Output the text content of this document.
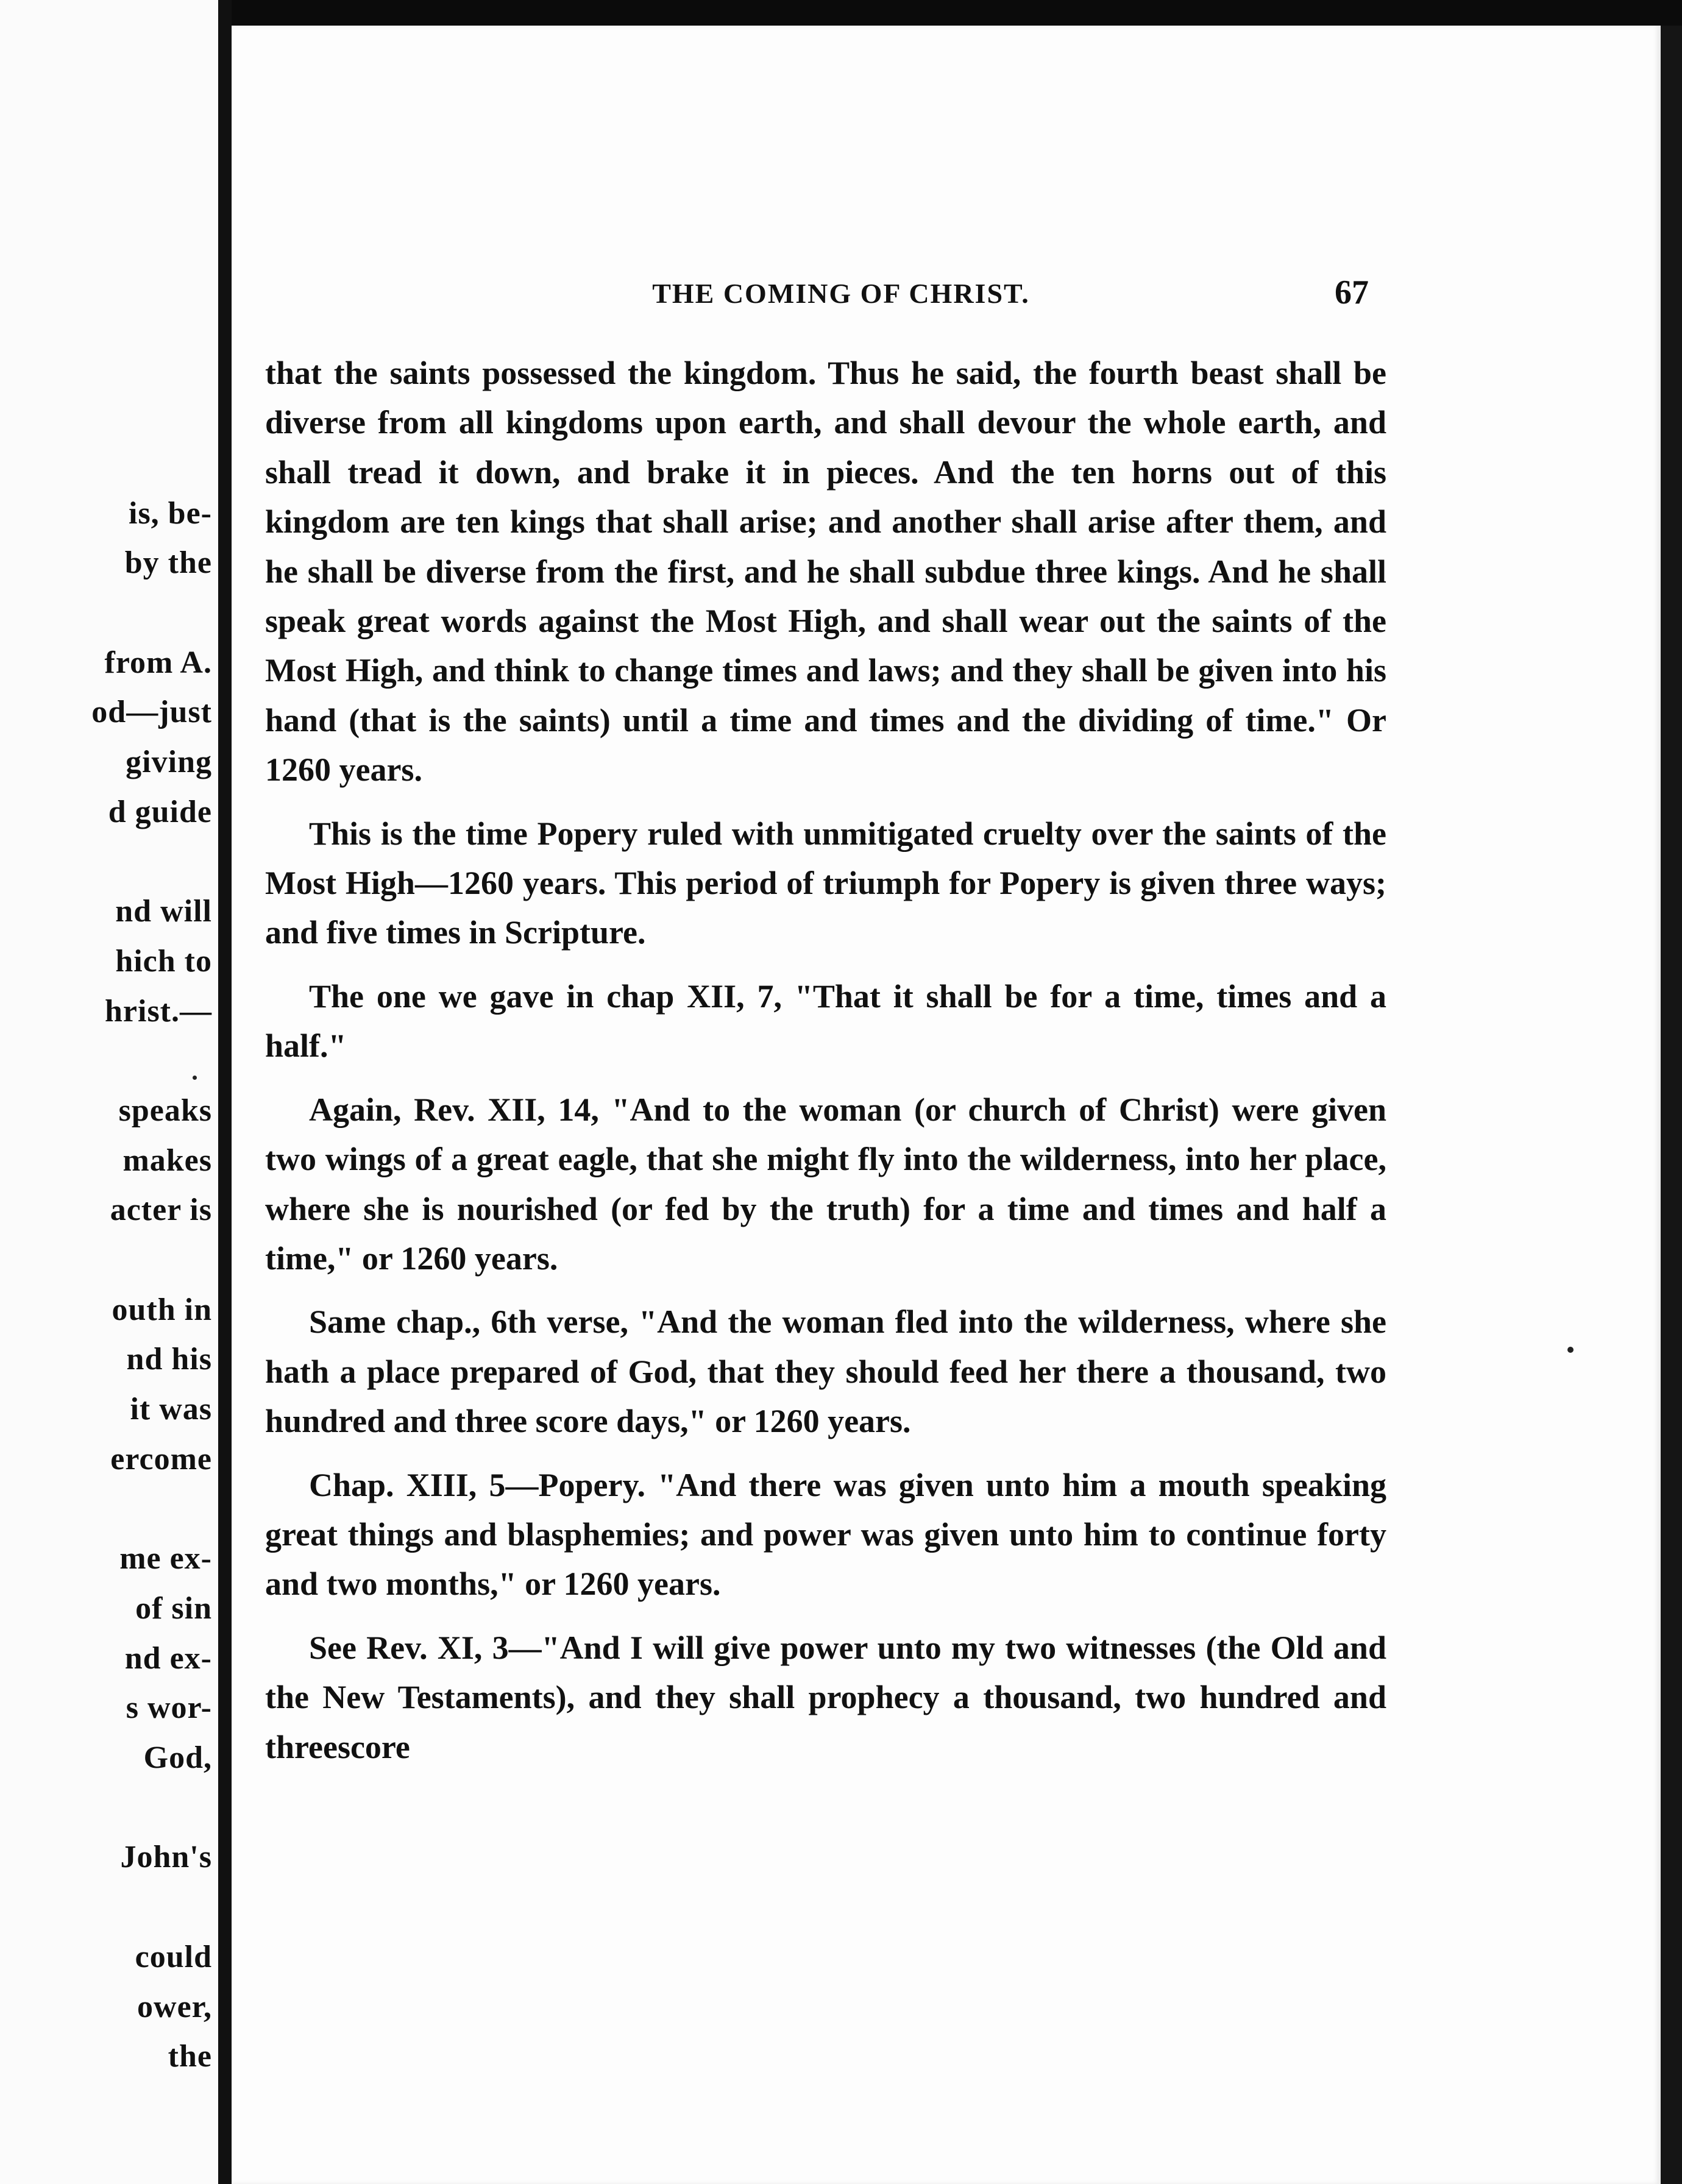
is, be-
by the
from A.
od—just
giving
d guide
nd will
hich to
hrist.—
speaks
makes
acter is
outh in
nd his
it was
ercome
me ex-
of sin
nd ex-
s wor-
God,
John's
could
ower,
the
THE COMING OF CHRIST.	67

that the saints possessed the kingdom. Thus he said, the fourth beast shall be diverse from all kingdoms upon earth, and shall devour the whole earth, and shall tread it down, and brake it in pieces. And the ten horns out of this kingdom are ten kings that shall arise; and another shall arise after them, and he shall be diverse from the first, and he shall subdue three kings. And he shall speak great words against the Most High, and shall wear out the saints of the Most High, and think to change times and laws; and they shall be given into his hand (that is the saints) until a time and times and the dividing of time." Or 1260 years.

This is the time Popery ruled with unmitigated cruelty over the saints of the Most High—1260 years. This period of triumph for Popery is given three ways; and five times in Scripture.

The one we gave in chap XII, 7, "That it shall be for a time, times and a half."

Again, Rev. XII, 14, "And to the woman (or church of Christ) were given two wings of a great eagle, that she might fly into the wilderness, into her place, where she is nourished (or fed by the truth) for a time and times and half a time," or 1260 years.

Same chap., 6th verse, "And the woman fled into the wilderness, where she hath a place prepared of God, that they should feed her there a thousand, two hundred and three score days," or 1260 years.

Chap. XIII, 5—Popery. "And there was given unto him a mouth speaking great things and blasphemies; and power was given unto him to continue forty and two months," or 1260 years.

See Rev. XI, 3—"And I will give power unto my two witnesses (the Old and the New Testaments), and they shall prophecy a thousand, two hundred and threescore
